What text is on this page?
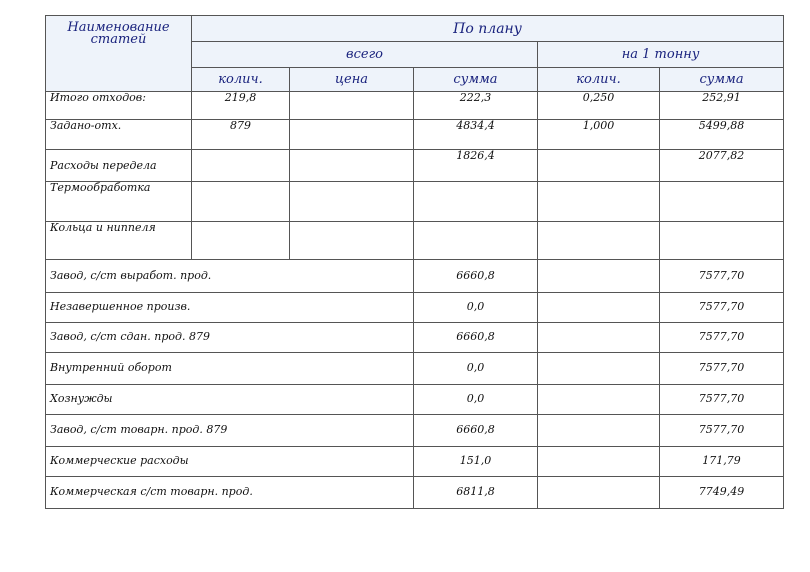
Наименование статей	По плану				
	всего			на 1 тонну	
	колич.	цена	сумма	колич.	сумма
Итого отходов:	219,8		222,3	0,250	252,91
Задано-отх.	879		4834,4	1,000	5499,88
Расходы передела			1826,4		2077,82
Термообработка					
Кольца и ниппеля					
Завод, с/ст выработ. прод.			6660,8		7577,70
Незавершенное произв.			0,0		7577,70
Завод, с/ст сдан. прод. 879			6660,8		7577,70
Внутренний оборот			0,0		7577,70
Хознужды			0,0		7577,70
Завод, с/ст товарн. прод. 879			6660,8		7577,70
Коммерческие расходы			151,0		171,79
Коммерческая с/ст товарн. прод.			6811,8		7749,49
